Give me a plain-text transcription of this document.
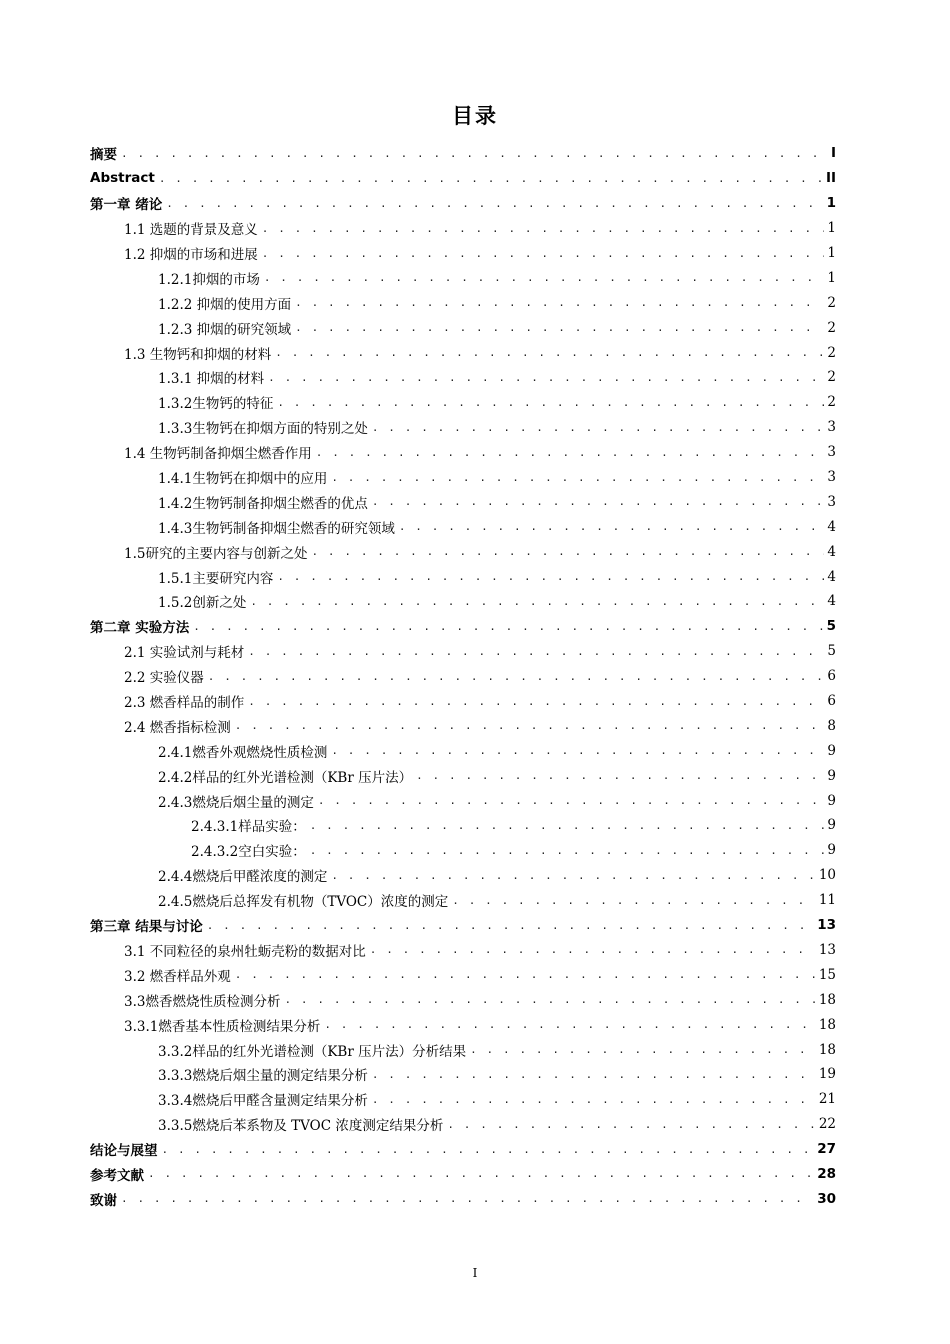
目录
摘要 . . .	I
Abstract . . .	II
第一章 绪论 . . .	1
1.1 选题的背景及意义 . . .	1
1.2 抑烟的市场和进展 . . .	1
1.2.1抑烟的市场 . . .	1
1.2.2 抑烟的使用方面 . . .	2
1.2.3 抑烟的研究领域 . . .	2
1.3 生物钙和抑烟的材料 . . .	2
1.3.1 抑烟的材料 . . .	2
1.3.2生物钙的特征 . . .	2
1.3.3生物钙在抑烟方面的特别之处 . . .	3
1.4 生物钙制备抑烟尘燃香作用 . . .	3
1.4.1生物钙在抑烟中的应用 . . .	3
1.4.2生物钙制备抑烟尘燃香的优点 . . .	3
1.4.3生物钙制备抑烟尘燃香的研究领域 . . .	4
1.5研究的主要内容与创新之处 . . .	4
1.5.1主要研究内容 . . .	4
1.5.2创新之处 . . .	4
第二章 实验方法 . . .	5
2.1 实验试剂与耗材 . . .	5
2.2 实验仪器 . . .	6
2.3 燃香样品的制作 . . .	6
2.4 燃香指标检测 . . .	8
2.4.1燃香外观燃烧性质检测 . . .	9
2.4.2样品的红外光谱检测（KBr 压片法） . . .	9
2.4.3燃烧后烟尘量的测定 . . .	9
2.4.3.1样品实验： . . .	9
2.4.3.2空白实验： . . .	9
2.4.4燃烧后甲醛浓度的测定 . . .	10
2.4.5燃烧后总挥发有机物（TVOC）浓度的测定 . . .	11
第三章 结果与讨论 . . .	13
3.1 不同粒径的泉州牡蛎壳粉的数据对比 . . .	13
3.2 燃香样品外观 . . .	15
3.3燃香燃烧性质检测分析 . . .	18
3.3.1燃香基本性质检测结果分析 . . .	18
3.3.2样品的红外光谱检测（KBr 压片法）分析结果 . . .	18
3.3.3燃烧后烟尘量的测定结果分析 . . .	19
3.3.4燃烧后甲醛含量测定结果分析 . . .	21
3.3.5燃烧后苯系物及 TVOC 浓度测定结果分析 . . .	22
结论与展望 . . .	27
参考文献 . . .	28
致谢 . . .	30
I
